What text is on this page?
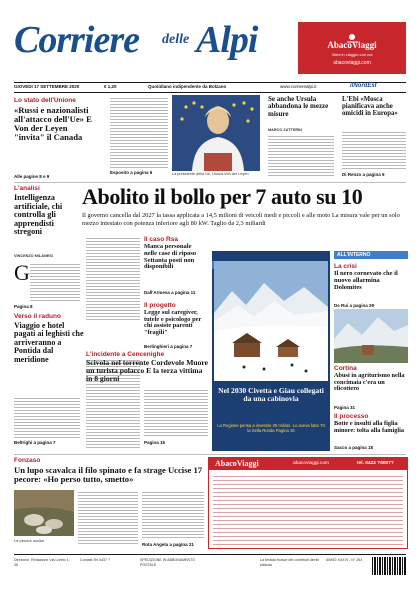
Corriere delle Alpi	AbacoViaggi
Vieni in viaggio con noi
abacoviaggi.com
GIOVEDÌ 17 SETTEMBRE 2020	€ 1,20	Quotidiano indipendente da Bolzano	www.corrierealpi.it	ilNordEst
Lo stato dell'Unione
«Russi e nazionalisti all'attacco dell'Ue» E Von der Leyen "invita" il Canada
Alle pagine 8 e 9
Esposito a pagina 6	La presidente della Ue, Ursula Von der Leyen
Se anche Ursula abbandona le mezze misure
MARCO ZATTERIN
L'Ebi «Mosca pianificava anche omicidi in Europa»
Di Renzo a pagina 9
L'analisi
Intelligenza artificiale, chi controlla gli apprendisti stregoni
VINCENZO MILANESI
G
Pagina 8
Abolito il bollo per 7 auto su 10
Il governo cancella dal 2027 la tassa applicata a 14,5 milioni di veicoli medi e piccoli e alle moto La misura vale per un solo mezzo intestato con potenza inferiore agli 80 kW. Taglio da 2,3 miliardi
Verso il raduno
Viaggio e hotel pagati ai leghisti che arriveranno a Pontida dal meridione
Beltrighi a pagina 7
Il caso Rsa
Manca personale nelle case di riposo Settanta posti non disponibili
Dall'Armesa a pagina 11
Il progetto
Legge sul caregiver, tutele e psicologo per chi assiste parenti "fragili"
Berlinghieri a pagina 7
L'incidente a Cencenighe
Scivola nel torrente Cordevole Muore un turista polacco E la terza vittima in 8 giorni
Pagina 16
Nel 2030 Civetta e Giau collegati da una cabinovia
La Regione pensa a investire 25 milioni. Lo aveva fatto 70 la Sella Ronda Pagina 18
ALL'INTERNO
La crisi
Il nero cornevato che il nuovo allarmina Dolomites
De Rui a pagina 29
Cortina
Abusi in agriturismo nella concimaia c'era un elicottero
Pagina 31
Il processo
Botte e insulti alla figlia minore: tolta alla famiglia
Sacco a pagina 18
Fonzaso
Un lupo scavalca il filo spinato e fa strage Uccise 17 pecore: «Ho perso tutto, smetto»
Le pecore uccise
Rota Angela a pagina 21
AbacoViaggi	abacoviaggi.com	tel. 0422 ?0007?
Direzione, Redazione Via Loreto 1, 36
Contatti Tel 0437 ?	SPEDIZIONE IN ABBONAMENTO POSTALE
La testata fruisce dei contributi diretti editoria
ANNO XXXVI - N° 264
